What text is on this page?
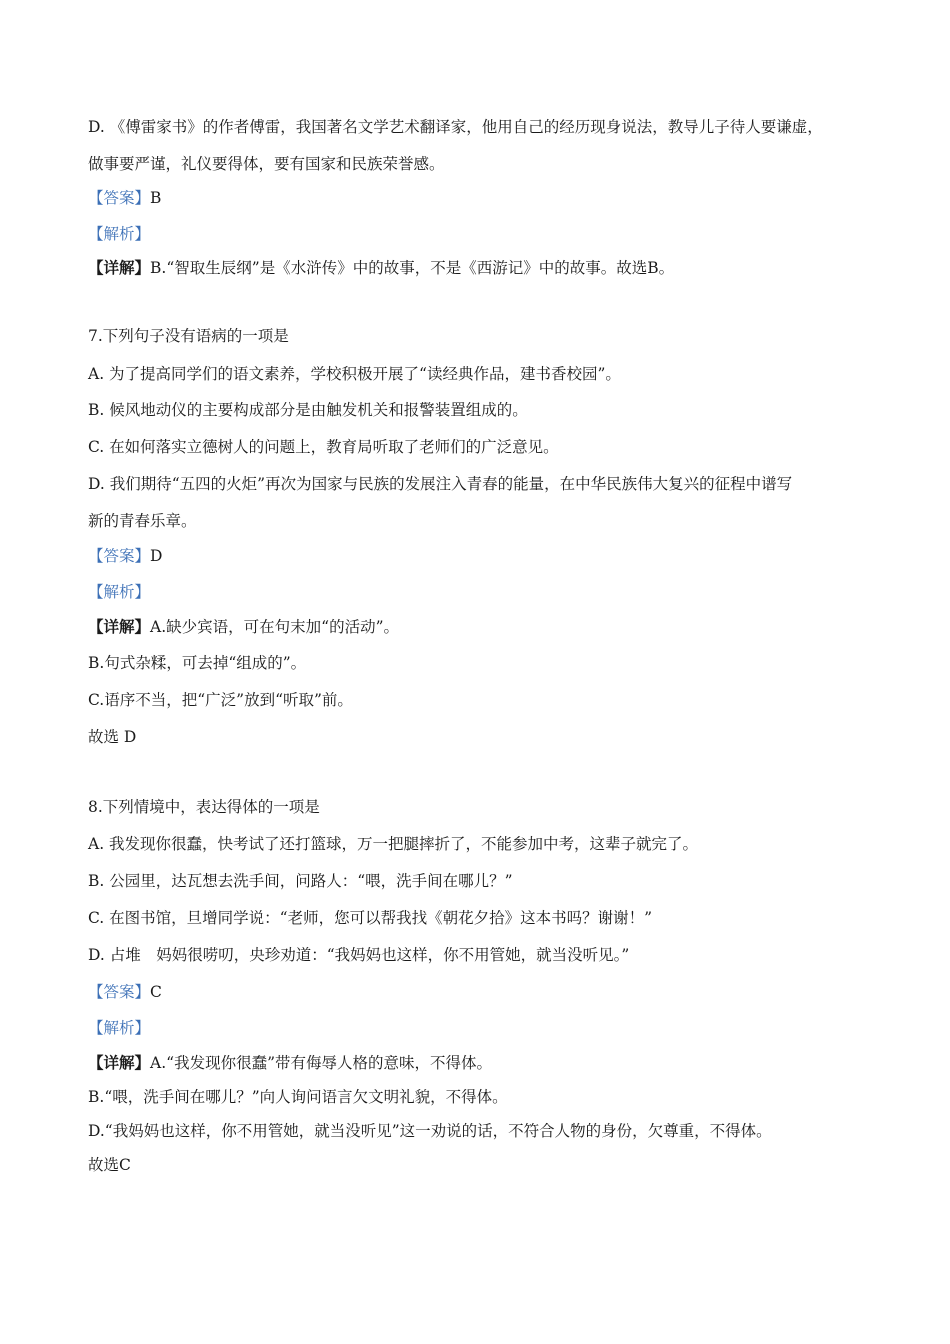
D. 《傅雷家书》的作者傅雷，我国著名文学艺术翻译家，他用自己的经历现身说法，教导儿子待人要谦虚，
做事要严谨，礼仪要得体，要有国家和民族荣誉感。
【答案】B
【解析】
【详解】B.“智取生辰纲”是《水浒传》中的故事，不是《西游记》中的故事。故选B。
7.下列句子没有语病的一项是
A. 为了提高同学们的语文素养，学校积极开展了“读经典作品，建书香校园”。
B. 候风地动仪的主要构成部分是由触发机关和报警装置组成的。
C. 在如何落实立德树人的问题上，教育局听取了老师们的广泛意见。
D. 我们期待“五四的火炬”再次为国家与民族的发展注入青春的能量，在中华民族伟大复兴的征程中谱写
新的青春乐章。
【答案】D
【解析】
【详解】A.缺少宾语，可在句末加“的活动”。
B.句式杂糅，可去掉“组成的”。
C.语序不当，把“广泛”放到“听取”前。
故选 D
8.下列情境中，表达得体的一项是
A. 我发现你很蠢，快考试了还打篮球，万一把腿摔折了，不能参加中考，这辈子就完了。
B. 公园里，达瓦想去洗手间，问路人：“喂，洗手间在哪儿？”
C. 在图书馆，旦增同学说：“老师，您可以帮我找《朝花夕拾》这本书吗？谢谢！”
D. 占堆　妈妈很唠叨，央珍劝道：“我妈妈也这样，你不用管她，就当没听见。”
【答案】C
【解析】
【详解】A.“我发现你很蠢”带有侮辱人格的意味，不得体。
B.“喂，洗手间在哪儿？”向人询问语言欠文明礼貌，不得体。
D.“我妈妈也这样，你不用管她，就当没听见”这一劝说的话，不符合人物的身份，欠尊重，不得体。
故选C
